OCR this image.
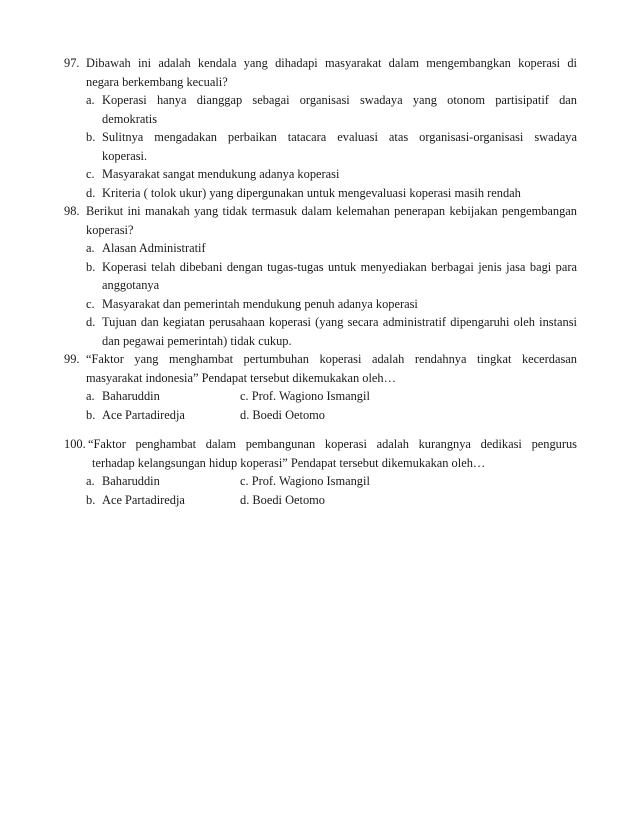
97. Dibawah ini adalah kendala yang dihadapi masyarakat dalam mengembangkan koperasi di
negara berkembang kecuali?
a. Koperasi hanya dianggap sebagai organisasi swadaya yang otonom partisipatif dan
demokratis
b. Sulitnya mengadakan perbaikan tatacara evaluasi atas organisasi-organisasi swadaya
koperasi.
c. Masyarakat sangat mendukung adanya koperasi
d. Kriteria ( tolok ukur) yang dipergunakan untuk mengevaluasi koperasi masih rendah
98. Berikut ini manakah yang tidak termasuk dalam kelemahan penerapan kebijakan pengembangan
koperasi?
a. Alasan Administratif
b. Koperasi telah dibebani dengan tugas-tugas untuk menyediakan berbagai jenis jasa bagi para
anggotanya
c. Masyarakat dan pemerintah mendukung penuh adanya koperasi
d. Tujuan dan kegiatan perusahaan koperasi (yang secara administratif dipengaruhi oleh instansi
dan pegawai pemerintah) tidak cukup.
99. “Faktor yang menghambat pertumbuhan koperasi adalah rendahnya tingkat kecerdasan
masyarakat indonesia” Pendapat tersebut dikemukakan oleh…
a. Baharuddin	c. Prof. Wagiono Ismangil
b. Ace Partadiredja	d. Boedi Oetomo
100. “Faktor penghambat dalam pembangunan koperasi adalah kurangnya dedikasi pengurus
terhadap kelangsungan hidup koperasi” Pendapat tersebut dikemukakan oleh…
a. Baharuddin	c. Prof. Wagiono Ismangil
b. Ace Partadiredja	d. Boedi Oetomo
